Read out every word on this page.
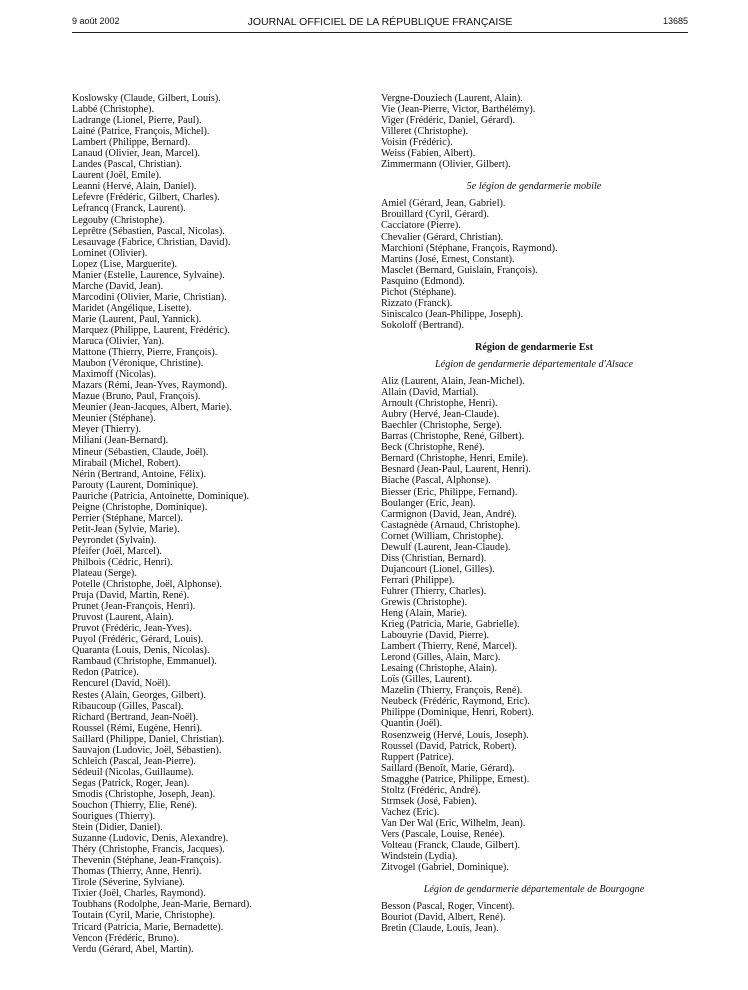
9 août 2002	JOURNAL OFFICIEL DE LA RÉPUBLIQUE FRANÇAISE	13685
Koslowsky (Claude, Gilbert, Louis).
Labbé (Christophe).
Ladrange (Lionel, Pierre, Paul).
Lainé (Patrice, François, Michel).
Lambert (Philippe, Bernard).
Lanaud (Olivier, Jean, Marcel).
Landes (Pascal, Christian).
Laurent (Joël, Emile).
Leanni (Hervé, Alain, Daniel).
Lefevre (Frédéric, Gilbert, Charles).
Lefrancq (Franck, Laurent).
Legouby (Christophe).
Leprêtre (Sébastien, Pascal, Nicolas).
Lesauvage (Fabrice, Christian, David).
Lominet (Olivier).
Lopez (Lise, Marguerite).
Manier (Estelle, Laurence, Sylvaine).
Marche (David, Jean).
Marcodini (Olivier, Marie, Christian).
Maridet (Angélique, Lisette).
Marie (Laurent, Paul, Yannick).
Marquez (Philippe, Laurent, Frédéric).
Maruca (Olivier, Yan).
Mattone (Thierry, Pierre, François).
Maubon (Véronique, Christine).
Maximoff (Nicolas).
Mazars (Rémi, Jean-Yves, Raymond).
Mazue (Bruno, Paul, François).
Meunier (Jean-Jacques, Albert, Marie).
Meunier (Stéphane).
Meyer (Thierry).
Miliani (Jean-Bernard).
Mineur (Sébastien, Claude, Joël).
Mirabail (Michel, Robert).
Nérin (Bertrand, Antoine, Félix).
Parouty (Laurent, Dominique).
Pauriche (Patricia, Antoinette, Dominique).
Peigne (Christophe, Dominique).
Perrier (Stéphane, Marcel).
Petit-Jean (Sylvie, Marie).
Peyrondet (Sylvain).
Pfeifer (Joël, Marcel).
Philbois (Cédric, Henri).
Plateau (Serge).
Potelle (Christophe, Joël, Alphonse).
Pruja (David, Martin, René).
Prunet (Jean-François, Henri).
Pruvost (Laurent, Alain).
Pruvot (Frédéric, Jean-Yves).
Puyol (Frédéric, Gérard, Louis).
Quaranta (Louis, Denis, Nicolas).
Rambaud (Christophe, Emmanuel).
Redon (Patrice).
Rencurel (David, Noël).
Restes (Alain, Georges, Gilbert).
Ribaucoup (Gilles, Pascal).
Richard (Bertrand, Jean-Noël).
Roussel (Rémi, Eugène, Henri).
Saillard (Philippe, Daniel, Christian).
Sauvajon (Ludovic, Joël, Sébastien).
Schleich (Pascal, Jean-Pierre).
Sédeuil (Nicolas, Guillaume).
Segas (Patrick, Roger, Jean).
Smodis (Christophe, Joseph, Jean).
Souchon (Thierry, Elie, René).
Sourigues (Thierry).
Stein (Didier, Daniel).
Suzanne (Ludovic, Denis, Alexandre).
Théry (Christophe, Francis, Jacques).
Thevenin (Stéphane, Jean-François).
Thomas (Thierry, Anne, Henri).
Tirole (Séverine, Sylviane).
Tixier (Joël, Charles, Raymond).
Toubhans (Rodolphe, Jean-Marie, Bernard).
Toutain (Cyril, Marie, Christophe).
Tricard (Patricia, Marie, Bernadette).
Vencon (Frédéric, Bruno).
Verdu (Gérard, Abel, Martin).
Vergne-Douziech (Laurent, Alain).
Vie (Jean-Pierre, Victor, Barthélémy).
Viger (Frédéric, Daniel, Gérard).
Villeret (Christophe).
Voisin (Frédéric).
Weiss (Fabien, Albert).
Zimmermann (Olivier, Gilbert).
5e légion de gendarmerie mobile
Amiel (Gérard, Jean, Gabriel).
Brouillard (Cyril, Gérard).
Cacciatore (Pierre).
Chevalier (Gérard, Christian).
Marchioni (Stéphane, François, Raymond).
Martins (José, Ernest, Constant).
Masclet (Bernard, Guislain, François).
Pasquino (Edmond).
Pichot (Stéphane).
Rizzato (Franck).
Siniscalco (Jean-Philippe, Joseph).
Sokoloff (Bertrand).
Région de gendarmerie Est
Légion de gendarmerie départementale d'Alsace
Aliz (Laurent, Alain, Jean-Michel).
Allain (David, Martial).
Arnoult (Christophe, Henri).
Aubry (Hervé, Jean-Claude).
Baechler (Christophe, Serge).
Barras (Christophe, René, Gilbert).
Beck (Christophe, René).
Bernard (Christophe, Henri, Emile).
Besnard (Jean-Paul, Laurent, Henri).
Biache (Pascal, Alphonse).
Biesser (Eric, Philippe, Fernand).
Boulanger (Eric, Jean).
Carmignon (David, Jean, André).
Castagnède (Arnaud, Christophe).
Cornet (William, Christophe).
Dewulf (Laurent, Jean-Claude).
Diss (Christian, Bernard).
Dujancourt (Lionel, Gilles).
Ferrari (Philippe).
Fuhrer (Thierry, Charles).
Grewis (Christophe).
Heng (Alain, Marie).
Krieg (Patricia, Marie, Gabrielle).
Labouyrie (David, Pierre).
Lambert (Thierry, René, Marcel).
Lerond (Gilles, Alain, Marc).
Lesaing (Christophe, Alain).
Loïs (Gilles, Laurent).
Mazelin (Thierry, François, René).
Neubeck (Frédéric, Raymond, Eric).
Philippe (Dominique, Henri, Robert).
Quantin (Joël).
Rosenzweig (Hervé, Louis, Joseph).
Roussel (David, Patrick, Robert).
Ruppert (Patrice).
Saillard (Benoît, Marie, Gérard).
Smagghe (Patrice, Philippe, Ernest).
Stoltz (Frédéric, André).
Strmsek (José, Fabien).
Vachez (Eric).
Van Der Wal (Eric, Wilhelm, Jean).
Vers (Pascale, Louise, Renée).
Volteau (Franck, Claude, Gilbert).
Windstein (Lydia).
Zitvogel (Gabriel, Dominique).
Légion de gendarmerie départementale de Bourgogne
Besson (Pascal, Roger, Vincent).
Bouriot (David, Albert, René).
Bretin (Claude, Louis, Jean).
